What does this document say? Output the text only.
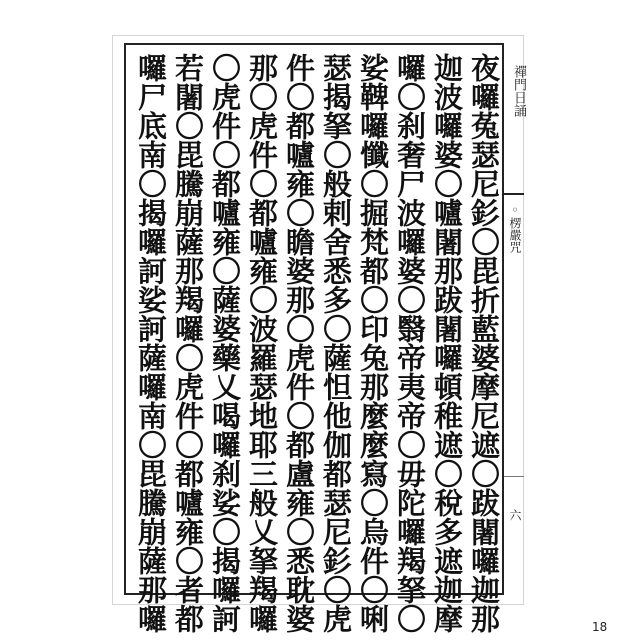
夜囉菟瑟尼釤〇毘折藍婆摩尼遮〇跋闍囉迦那
迦波囉婆〇嚧闍那跋闍囉頓稚遮〇稅多遮迦摩
囉〇刹奢尸波囉婆〇翳帝夷帝〇毋陀囉羯拏〇
娑鞞囉懺〇掘梵都〇印兔那麼麼寫〇烏件〇唎
瑟揭拏〇般剌舍悉多〇薩怛他伽都瑟尼釤〇虎
件〇都嚧雍〇瞻婆那〇虎件〇都盧雍〇悉耽婆
那〇虎件〇都嚧雍〇波羅瑟地耶三般乂拏羯囉
〇虎件〇都嚧雍〇薩婆藥乂喝囉刹娑〇揭囉訶
若闍〇毘騰崩薩那羯囉〇虎件〇都嚧雍〇者都
囉尸底南〇揭囉訶娑訶薩囉南〇毘騰崩薩那囉	禪門日誦
◦楞嚴咒
六
18
